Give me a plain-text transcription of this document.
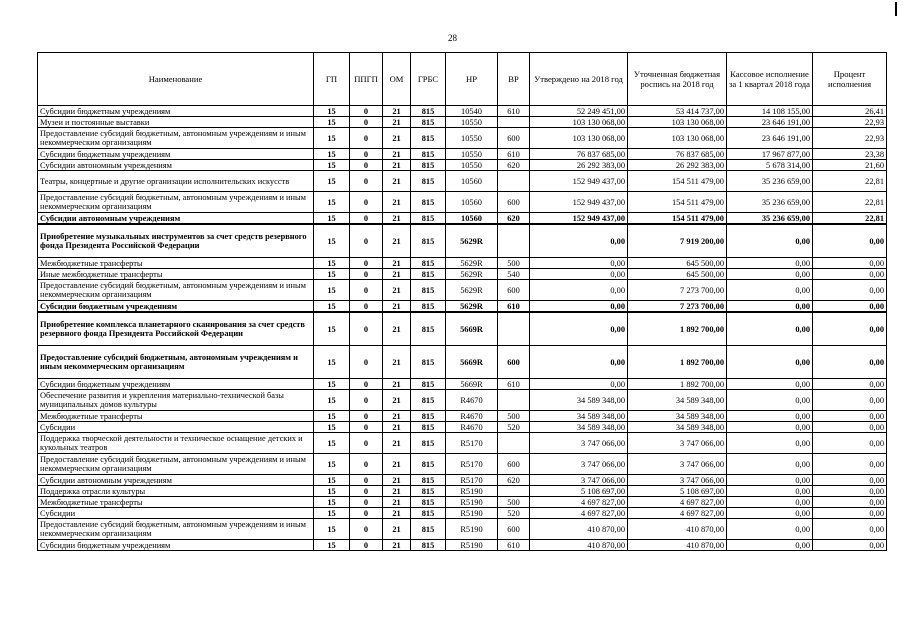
28
Наименование	ГП	ППГП	ОМ	ГРБС	НР	ВР	Утверждено на 2018 год	Уточненная бюджетная роспись на 2018 год	Кассовое исполнение за 1 квартал 2018 года	Процент исполнения
Субсидии бюджетным учреждениям	15	0	21	815	10540	610	52 249 451,00	53 414 737,00	14 108 155,00	26,41
Музеи и постоянные выставки	15	0	21	815	10550		103 130 068,00	103 130 068,00	23 646 191,00	22,93
Предоставление субсидий бюджетным, автономным учреждениям и иным некоммерческим организациям	15	0	21	815	10550	600	103 130 068,00	103 130 068,00	23 646 191,00	22,93
Субсидии бюджетным учреждениям	15	0	21	815	10550	610	76 837 685,00	76 837 685,00	17 967 877,00	23,38
Субсидии автономным учреждениям	15	0	21	815	10550	620	26 292 383,00	26 292 383,00	5 678 314,00	21,60
Театры, концертные и другие организации исполнительских искусств	15	0	21	815	10560		152 949 437,00	154 511 479,00	35 236 659,00	22,81
Предоставление субсидий бюджетным, автономным учреждениям и иным некоммерческим организациям	15	0	21	815	10560	600	152 949 437,00	154 511 479,00	35 236 659,00	22,81
Субсидии автономным учреждениям	15	0	21	815	10560	620	152 949 437,00	154 511 479,00	35 236 659,00	22,81
Приобретение музыкальных инструментов за счет средств резервного фонда Президента Российской Федерации	15	0	21	815	5629R		0,00	7 919 200,00	0,00	0,00
Межбюджетные трансферты	15	0	21	815	5629R	500	0,00	645 500,00	0,00	0,00
Иные межбюджетные трансферты	15	0	21	815	5629R	540	0,00	645 500,00	0,00	0,00
Предоставление субсидий бюджетным, автономным учреждениям и иным некоммерческим организациям	15	0	21	815	5629R	600	0,00	7 273 700,00	0,00	0,00
Субсидии бюджетным учреждениям	15	0	21	815	5629R	610	0,00	7 273 700,00	0,00	0,00
Приобретение комплекса планетарного сканирования за счет средств резервного фонда Президента Российской Федерации	15	0	21	815	5669R		0,00	1 892 700,00	0,00	0,00
Предоставление субсидий бюджетным, автономным учреждениям и иным некоммерческим организациям	15	0	21	815	5669R	600	0,00	1 892 700,00	0,00	0,00
Субсидии бюджетным учреждениям	15	0	21	815	5669R	610	0,00	1 892 700,00	0,00	0,00
Обеспечение развития и укрепления материально-технической базы муниципальных домов культуры	15	0	21	815	R4670		34 589 348,00	34 589 348,00	0,00	0,00
Межбюджетные трансферты	15	0	21	815	R4670	500	34 589 348,00	34 589 348,00	0,00	0,00
Субсидии	15	0	21	815	R4670	520	34 589 348,00	34 589 348,00	0,00	0,00
Поддержка творческой деятельности и техническое оснащение детских и кукольных театров	15	0	21	815	R5170		3 747 066,00	3 747 066,00	0,00	0,00
Предоставление субсидий бюджетным, автономным учреждениям и иным некоммерческим организациям	15	0	21	815	R5170	600	3 747 066,00	3 747 066,00	0,00	0,00
Субсидии автономным учреждениям	15	0	21	815	R5170	620	3 747 066,00	3 747 066,00	0,00	0,00
Поддержка отрасли культуры	15	0	21	815	R5190		5 108 697,00	5 108 697,00	0,00	0,00
Межбюджетные трансферты	15	0	21	815	R5190	500	4 697 827,00	4 697 827,00	0,00	0,00
Субсидии	15	0	21	815	R5190	520	4 697 827,00	4 697 827,00	0,00	0,00
Предоставление субсидий бюджетным, автономным учреждениям и иным некоммерческим организациям	15	0	21	815	R5190	600	410 870,00	410 870,00	0,00	0,00
Субсидии бюджетным учреждениям	15	0	21	815	R5190	610	410 870,00	410 870,00	0,00	0,00
